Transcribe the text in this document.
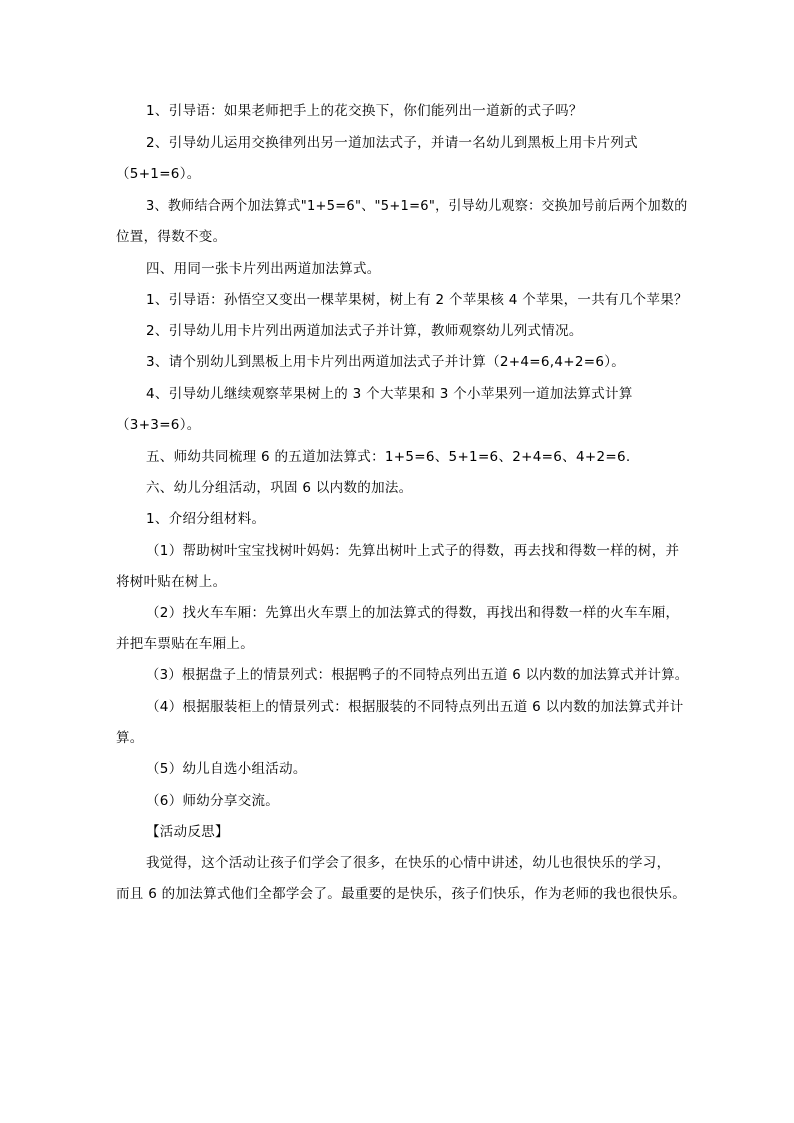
1、引导语：如果老师把手上的花交换下，你们能列出一道新的式子吗？
2、引导幼儿运用交换律列出另一道加法式子，并请一名幼儿到黑板上用卡片列式
（5+1=6）。
3、教师结合两个加法算式"1+5=6"、"5+1=6"，引导幼儿观察：交换加号前后两个加数的
位置，得数不变。
四、用同一张卡片列出两道加法算式。
1、引导语：孙悟空又变出一棵苹果树，树上有 2 个苹果核 4 个苹果，一共有几个苹果？
2、引导幼儿用卡片列出两道加法式子并计算，教师观察幼儿列式情况。
3、请个别幼儿到黑板上用卡片列出两道加法式子并计算（2+4=6,4+2=6）。
4、引导幼儿继续观察苹果树上的 3 个大苹果和 3 个小苹果列一道加法算式计算
（3+3=6）。
五、师幼共同梳理 6 的五道加法算式：1+5=6、5+1=6、2+4=6、4+2=6.
六、幼儿分组活动，巩固 6 以内数的加法。
1、介绍分组材料。
（1）帮助树叶宝宝找树叶妈妈：先算出树叶上式子的得数，再去找和得数一样的树，并
将树叶贴在树上。
（2）找火车车厢：先算出火车票上的加法算式的得数，再找出和得数一样的火车车厢，
并把车票贴在车厢上。
（3）根据盘子上的情景列式：根据鸭子的不同特点列出五道 6 以内数的加法算式并计算。
（4）根据服装柜上的情景列式：根据服装的不同特点列出五道 6 以内数的加法算式并计
算。
（5）幼儿自选小组活动。
（6）师幼分享交流。
【活动反思】
我觉得，这个活动让孩子们学会了很多，在快乐的心情中讲述，幼儿也很快乐的学习，
而且 6 的加法算式他们全都学会了。最重要的是快乐，孩子们快乐，作为老师的我也很快乐。
